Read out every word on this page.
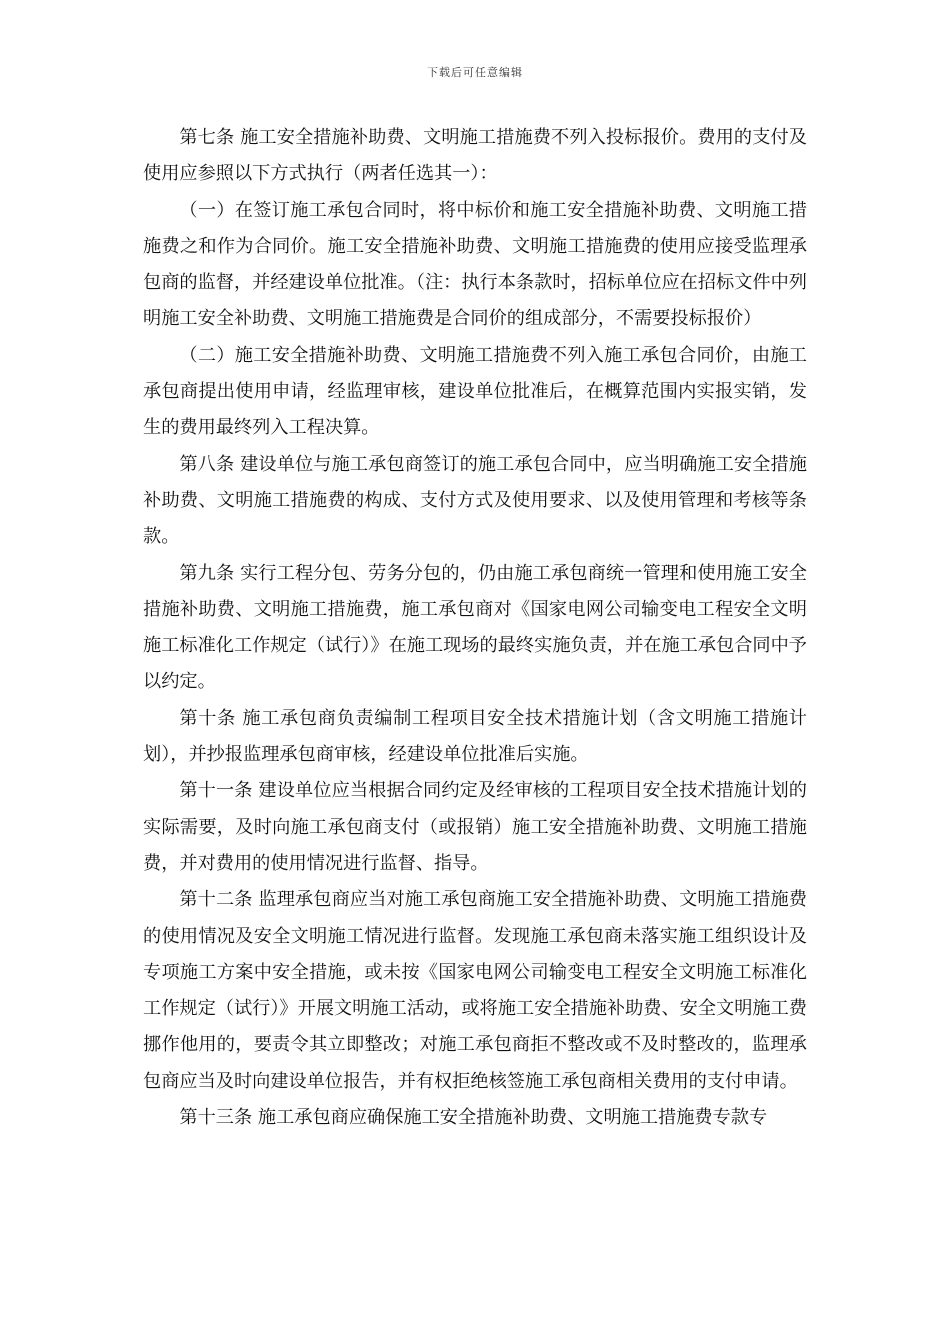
下载后可任意编辑

第七条 施工安全措施补助费、文明施工措施费不列入投标报价。费用的支付及使用应参照以下方式执行（两者任选其一）：

（一）在签订施工承包合同时，将中标价和施工安全措施补助费、文明施工措施费之和作为合同价。施工安全措施补助费、文明施工措施费的使用应接受监理承包商的监督，并经建设单位批准。（注：执行本条款时，招标单位应在招标文件中列明施工安全补助费、文明施工措施费是合同价的组成部分，不需要投标报价）

（二）施工安全措施补助费、文明施工措施费不列入施工承包合同价，由施工承包商提出使用申请，经监理审核，建设单位批准后，在概算范围内实报实销，发生的费用最终列入工程决算。

第八条 建设单位与施工承包商签订的施工承包合同中，应当明确施工安全措施补助费、文明施工措施费的构成、支付方式及使用要求、以及使用管理和考核等条款。

第九条 实行工程分包、劳务分包的，仍由施工承包商统一管理和使用施工安全措施补助费、文明施工措施费，施工承包商对《国家电网公司输变电工程安全文明施工标准化工作规定（试行）》在施工现场的最终实施负责，并在施工承包合同中予以约定。

第十条 施工承包商负责编制工程项目安全技术措施计划（含文明施工措施计划），并抄报监理承包商审核，经建设单位批准后实施。

第十一条 建设单位应当根据合同约定及经审核的工程项目安全技术措施计划的实际需要，及时向施工承包商支付（或报销）施工安全措施补助费、文明施工措施费，并对费用的使用情况进行监督、指导。

第十二条 监理承包商应当对施工承包商施工安全措施补助费、文明施工措施费的使用情况及安全文明施工情况进行监督。发现施工承包商未落实施工组织设计及专项施工方案中安全措施，或未按《国家电网公司输变电工程安全文明施工标准化工作规定（试行）》开展文明施工活动，或将施工安全措施补助费、安全文明施工费挪作他用的，要责令其立即整改；对施工承包商拒不整改或不及时整改的，监理承包商应当及时向建设单位报告，并有权拒绝核签施工承包商相关费用的支付申请。

第十三条 施工承包商应确保施工安全措施补助费、文明施工措施费专款专
